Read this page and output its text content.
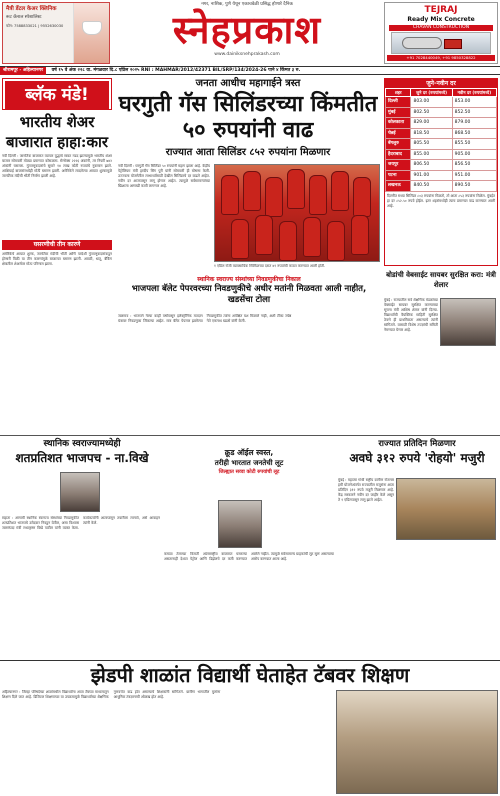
मैत्री डेंटल केअर क्लिनिक
रूट कॅनाल स्पेशालिस्ट
फोन: 7588833021 | 9552630030
नगर, नाशिक, पुणे येथून एकाचवेळी प्रसिद्ध होणारे दैनिक
स्नेहप्रकाश
www.dainiksnehprakash.com
TEJRAJ
Ready Mix Concrete
CHAVAN CONSTRUCTION
+91 7028440049, +91 9850328822
श्रीरामपूर - अहिल्यानगर वर्ष १५ वे अंक २२८ वा. मंगळवार दि.८ एप्रिल २०२५ RNI : MAHMAR/2012/42371 BIL/SRP/134/2024-26 पाने ४ किंमत ३ रु.
ब्लॅक मंडे!
भारतीय शेअर बाजारात हाहा:कार
नवी दिल्ली : जागतिक बाजारात व्यापार युद्धाचे सावट गडद झाल्यामुळे भारतीय शेअर बाजार सोमवारी मोठ्या प्रमाणात कोसळला. सेन्सेक्स २२२६ अंकांनी, तर निफ्टी ७४२ अंकांनी घसरला. गुंतवणूकदारांचे सुमारे १४ लाख कोटी रुपयांचे नुकसान झाले. आशियाई बाजारांमध्येही मोठी घसरण झाली. अमेरिकेने लादलेल्या आयात शुल्कामुळे जागतिक मंदीची भीती निर्माण झाली आहे.
घसरणीची तीन कारणे
अमेरिकेचे आयात शुल्क, जागतिक मंदीची भीती आणि परदेशी गुंतवणूकदारांकडून होणारी विक्री या तीन कारणांमुळे बाजारात घसरण झाली. आयटी, धातू, बँकिंग क्षेत्रातील शेअर्सवर मोठा परिणाम झाला.
जनता आधीच महागाईने त्रस्त
घरगुती गॅस सिलिंडरच्या किंमतीत ५० रुपयांनी वाढ
राज्यात आता सिलिंडर ८५२ रुपयांना मिळणार
नवी दिल्ली : घरगुती गॅस सिलिंडर ५० रुपयांनी महाग झाला आहे. केंद्रीय पेट्रोलियम मंत्री हरदीप सिंग पुरी यांनी सोमवारी ही घोषणा केली. उज्ज्वला योजनेतील लाभार्थ्यांसाठी देखील सिलिंडरचे दर वाढले आहेत. नवीन दर आजपासून लागू होणार आहेत. त्यामुळे सर्वसामान्यांच्या खिशाला आणखी कात्री लागणार आहे.
१ एप्रिल रोजी व्यावसायिक सिलिंडरच्या दरात ४१ रुपयांची कपात करण्यात आली होती.
जुने-नवीन दर
शहर	जुने दर (रुपयांमध्ये)	नवीन दर (रुपयांमध्ये)
दिल्ली	803.00	853.00
मुंबई	802.50	852.50
कोलकाता	829.00	879.00
चेन्नई	818.50	868.50
बेंगलुरु	805.50	855.50
हैदराबाद	855.00	905.00
जयपुर	806.50	856.50
पटना	901.00	951.00
लखनऊ	840.50	890.50
दिल्लीत सध्या सिलिंडर ८०३ रुपयांना मिळतो, तो आता ८५३ रुपयांना मिळेल. मुंबईत हा दर ८५२.५० रुपये होईल. इतर शहरांमध्येही त्याच प्रमाणात वाढ करण्यात आली आहे.
स्थानिक स्वराज्य संस्थांच्या निवडणुकीचा निकाल
भाजपला बॅलेट पेपरवरच्या निवडणुकीचे अधीर मतांनी मिळवता आली नाहीत, खडसेंचा टोला
जळगाव : भाजपने गेल्या काही वर्षांपासून इलेक्ट्रॉनिक मतदान यंत्रावर निवडणुका जिंकल्या आहेत. मात्र बॅलेट पेपरवर झालेल्या निवडणुकीत त्यांना अपेक्षित यश मिळाले नाही, अशी टीका ज्येष्ठ नेते एकनाथ खडसे यांनी केली.
बोडांची वेबसाईट सायबर सुरक्षित करा: मंत्री शेलार
मुंबई : राज्यातील सर्व शैक्षणिक मंडळांच्या वेबसाईट सायबर सुरक्षित करण्याच्या सूचना मंत्री आशिष शेलार यांनी दिल्या. विद्यार्थ्यांची वैयक्तिक माहिती सुरक्षित ठेवणे ही प्राथमिकता असल्याचे त्यांनी सांगितले. यासाठी विशेष तज्ज्ञांची समिती नेमण्यात येणार आहे.
स्थानिक स्वराज्यामध्येही
शतप्रतिशत भाजपच - ना.विखे
राहाता : आगामी स्थानिक स्वराज्य संस्थांच्या निवडणुकीत शतप्रतिशत भाजपचे उमेदवार निवडून येतील, असा विश्वास जलसंपदा मंत्री राधाकृष्ण विखे पाटील यांनी व्यक्त केला. कार्यकर्त्यांनी आतापासून तयारीला लागावे, असे आवाहन त्यांनी केले.
क्रूड ऑईल स्वस्त,
तरीही भारतात जनतेची लूट
जिल्ह्यात सव्वा कोटी रुपयांची लूट
कच्च्या तेलाच्या किमती आंतरराष्ट्रीय बाजारात घसरल्या असतानाही देशात पेट्रोल आणि डिझेलचे दर कमी करण्यात आलेले नाहीत. त्यामुळे सर्वसामान्य ग्राहकांची लूट सुरू असल्याचा आरोप करण्यात आला आहे.
राज्यात प्रतिदिन मिळणार
अवघे ३१२ रुपये 'रोहयो' मजुरी
मुंबई : महात्मा गांधी राष्ट्रीय ग्रामीण रोजगार हमी योजनेअंतर्गत राज्यातील मजुरांना आता प्रतिदिन ३१२ रुपये मजुरी मिळणार आहे. केंद्र सरकारने नवीन दर जाहीर केले असून ते १ एप्रिलपासून लागू झाले आहेत.
झेडपी शाळांत विद्यार्थी घेताहेत टॅबवर शिक्षण
अहिल्यानगर : जिल्हा परिषदेच्या शाळांमधील विद्यार्थ्यांना आता टॅबच्या माध्यमातून शिक्षण दिले जात आहे. डिजिटल शिक्षणाच्या या उपक्रमामुळे विद्यार्थ्यांच्या शैक्षणिक गुणवत्तेत वाढ होत असल्याचे शिक्षकांनी सांगितले. ग्रामीण भागातील मुलांना आधुनिक तंत्रज्ञानाची ओळख होत आहे.
